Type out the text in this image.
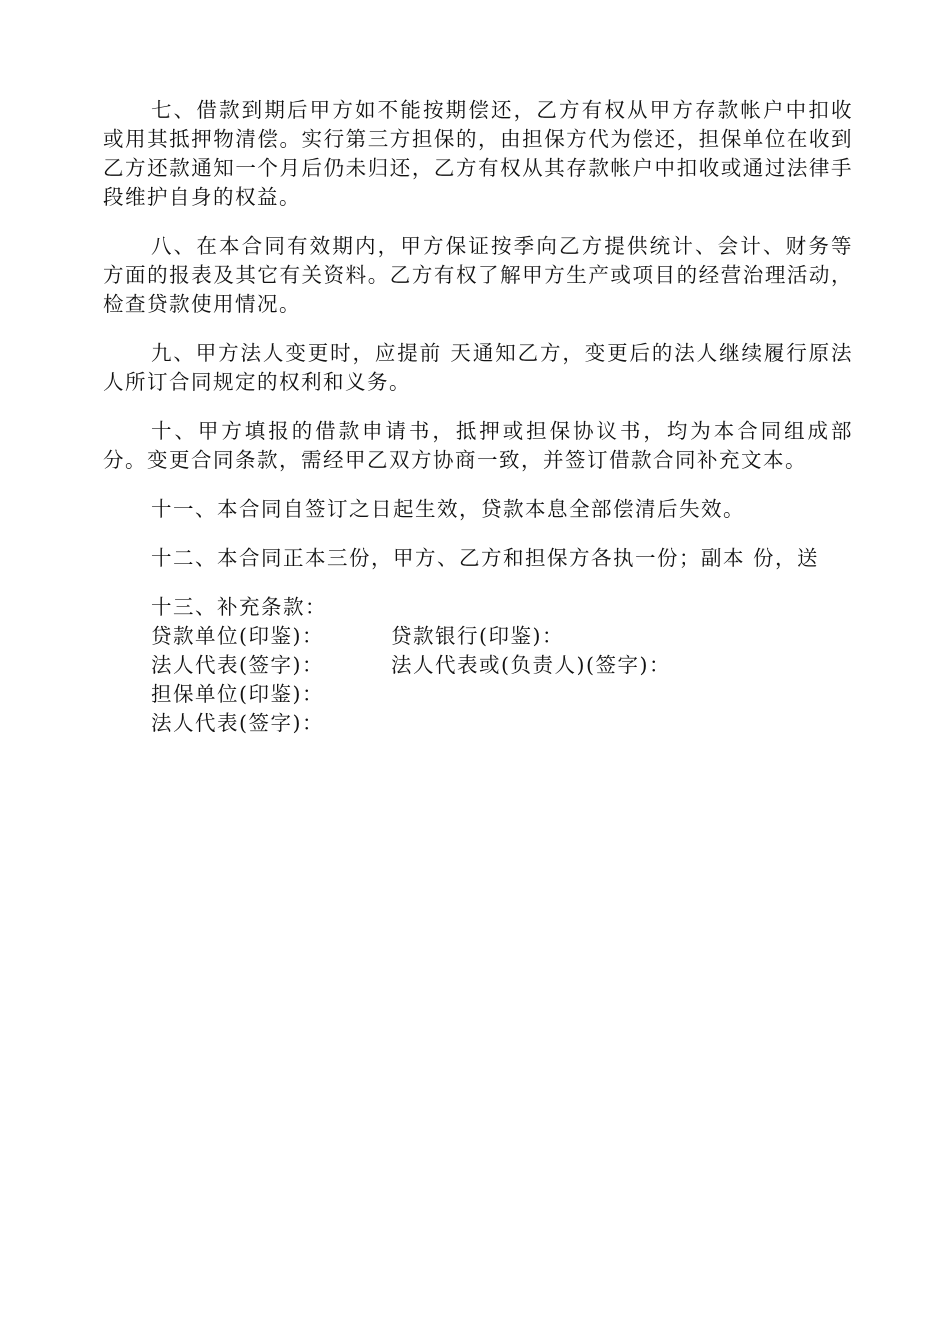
七、借款到期后甲方如不能按期偿还，乙方有权从甲方存款帐户中扣收或用其抵押物清偿。实行第三方担保的，由担保方代为偿还，担保单位在收到乙方还款通知一个月后仍未归还，乙方有权从其存款帐户中扣收或通过法律手段维护自身的权益。

八、在本合同有效期内，甲方保证按季向乙方提供统计、会计、财务等方面的报表及其它有关资料。乙方有权了解甲方生产或项目的经营治理活动，检查贷款使用情况。

九、甲方法人变更时，应提前 天通知乙方，变更后的法人继续履行原法人所订合同规定的权利和义务。

十、甲方填报的借款申请书，抵押或担保协议书，均为本合同组成部分。变更合同条款，需经甲乙双方协商一致，并签订借款合同补充文本。

十一、本合同自签订之日起生效，贷款本息全部偿清后失效。

十二、本合同正本三份，甲方、乙方和担保方各执一份；副本 份，送

十三、补充条款：

贷款单位(印鉴)：	贷款银行(印鉴)：

法人代表(签字)：	法人代表或(负责人)(签字)：

担保单位(印鉴)：

法人代表(签字)：
